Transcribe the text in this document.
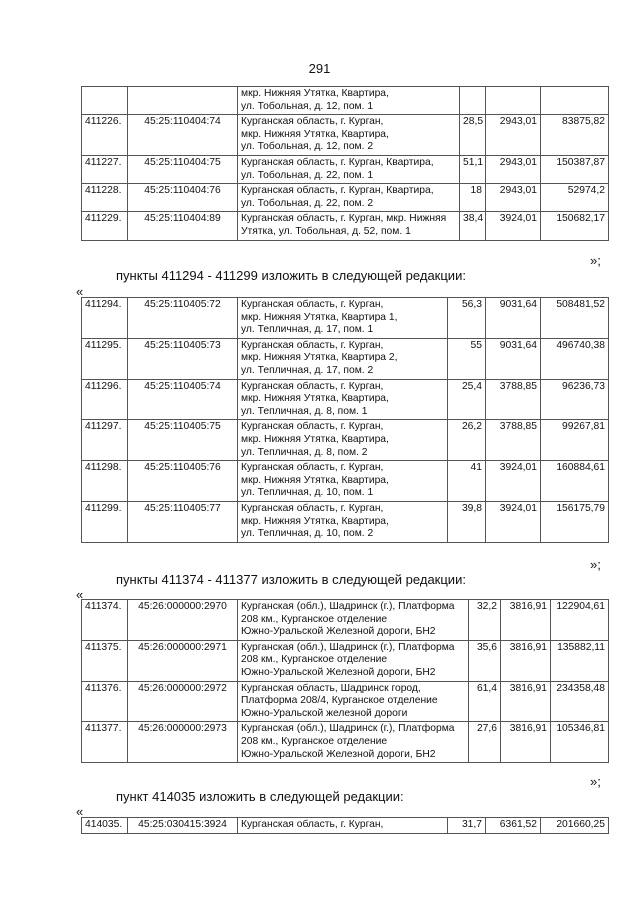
291
		мкр. Нижняя Утятка, Квартира,
ул. Тобольная, д. 12, пом. 1			
411226.	45:25:110404:74	Курганская область, г. Курган,
мкр. Нижняя Утятка, Квартира,
ул. Тобольная, д. 12, пом. 2	28,5	2943,01	83875,82
411227.	45:25:110404:75	Курганская область, г. Курган, Квартира,
ул. Тобольная, д. 22, пом. 1	51,1	2943,01	150387,87
411228.	45:25:110404:76	Курганская область, г. Курган, Квартира,
ул. Тобольная, д. 22, пом. 2	18	2943,01	52974,2
411229.	45:25:110404:89	Курганская область, г. Курган, мкр. Нижняя
Утятка, ул. Тобольная, д. 52, пом. 1	38,4	3924,01	150682,17
»;
пункты 411294 - 411299 изложить в следующей редакции:
«
411294.	45:25:110405:72	Курганская область, г. Курган,
мкр. Нижняя Утятка, Квартира 1,
ул. Тепличная, д. 17, пом. 1	56,3	9031,64	508481,52
411295.	45:25:110405:73	Курганская область, г. Курган,
мкр. Нижняя Утятка, Квартира 2,
ул. Тепличная, д. 17, пом. 2	55	9031,64	496740,38
411296.	45:25:110405:74	Курганская область, г. Курган,
мкр. Нижняя Утятка, Квартира,
ул. Тепличная, д. 8, пом. 1	25,4	3788,85	96236,73
411297.	45:25:110405:75	Курганская область, г. Курган,
мкр. Нижняя Утятка, Квартира,
ул. Тепличная, д. 8, пом. 2	26,2	3788,85	99267,81
411298.	45:25:110405:76	Курганская область, г. Курган,
мкр. Нижняя Утятка, Квартира,
ул. Тепличная, д. 10, пом. 1	41	3924,01	160884,61
411299.	45:25:110405:77	Курганская область, г. Курган,
мкр. Нижняя Утятка, Квартира,
ул. Тепличная, д. 10, пом. 2	39,8	3924,01	156175,79
»;
пункты 411374 - 411377 изложить в следующей редакции:
«
411374.	45:26:000000:2970	Курганская (обл.), Шадринск (г.), Платформа
208 км., Курганское отделение
Южно-Уральской Железной дороги, БН2	32,2	3816,91	122904,61
411375.	45:26:000000:2971	Курганская (обл.), Шадринск (г.), Платформа
208 км., Курганское отделение
Южно-Уральской Железной дороги, БН2	35,6	3816,91	135882,11
411376.	45:26:000000:2972	Курганская область, Шадринск город,
Платформа 208/4, Курганское отделение
Южно-Уральской железной дороги	61,4	3816,91	234358,48
411377.	45:26:000000:2973	Курганская (обл.), Шадринск (г.), Платформа
208 км., Курганское отделение
Южно-Уральской Железной дороги, БН2	27,6	3816,91	105346,81
»;
пункт 414035 изложить в следующей редакции:
«
414035.	45:25:030415:3924	Курганская область, г. Курган,	31,7	6361,52	201660,25
